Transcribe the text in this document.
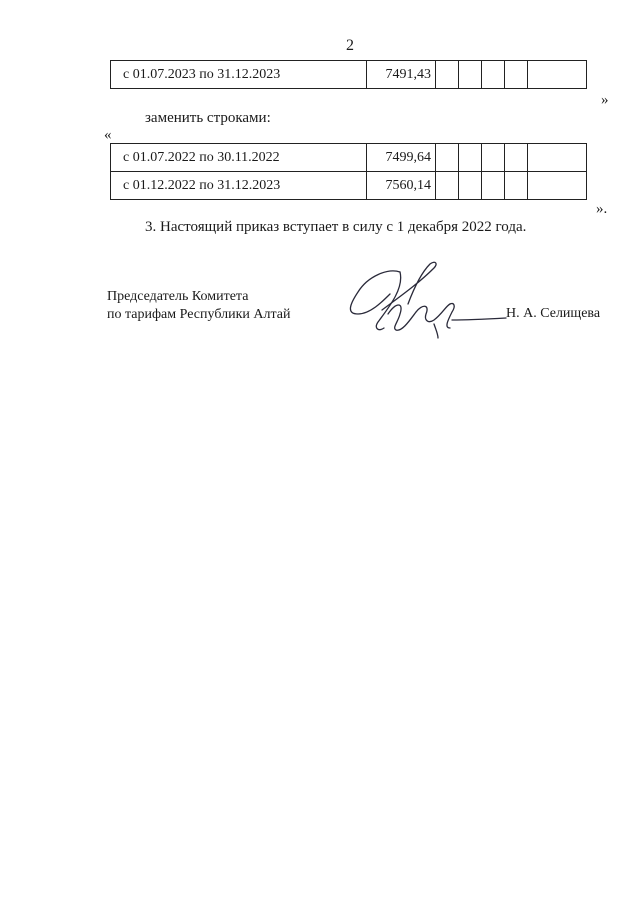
2
с 01.07.2023 по 31.12.2023	7491,43					
»
заменить строками:
«
с 01.07.2022 по 30.11.2022	7499,64					
с 01.12.2022 по 31.12.2023	7560,14					
».
3. Настоящий приказ вступает в силу с 1 декабря 2022 года.
Председатель Комитета
по тарифам Республики Алтай	Н. А. Селищева
